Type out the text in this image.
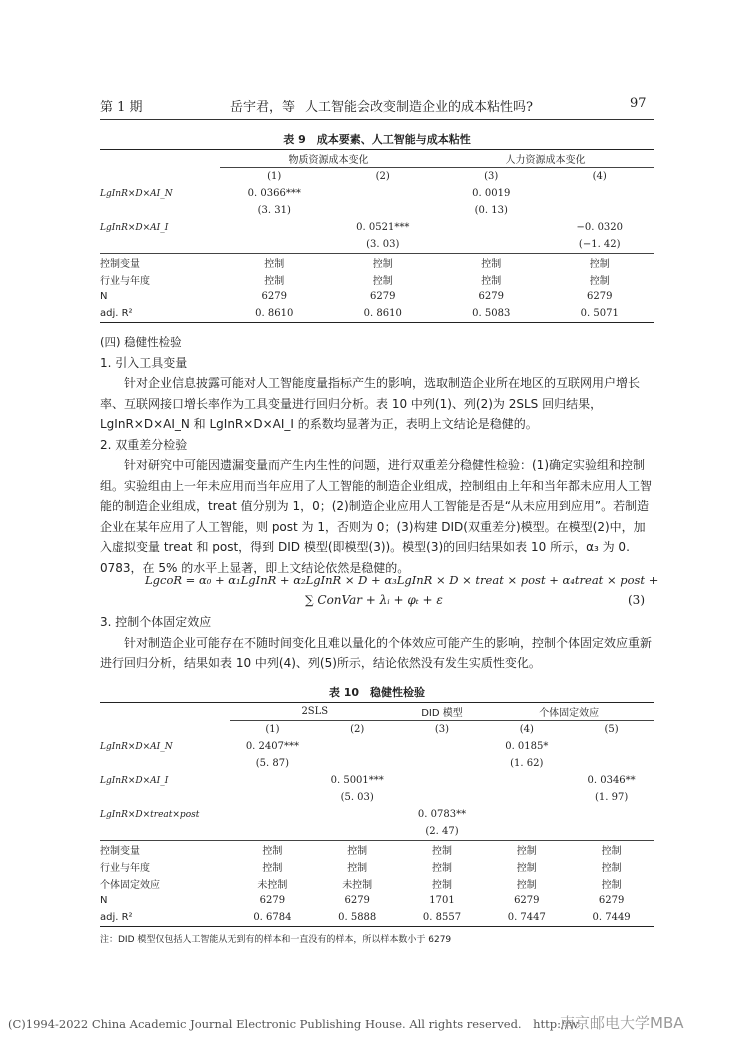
第 1 期	岳宇君，等 人工智能会改变制造企业的成本粘性吗?	97
表 9　成本要素、人工智能与成本粘性
	物质资源成本变化		人力资源成本变化	
	(1)	(2)	(3)	(4)
LgInR×D×AI_N	0. 0366***		0. 0019	
	(3. 31)		(0. 13)	
LgInR×D×AI_I		0. 0521***		−0. 0320
		(3. 03)		(−1. 42)
控制变量	控制	控制	控制	控制
行业与年度	控制	控制	控制	控制
N	6279	6279	6279	6279
adj. R²	0. 8610	0. 8610	0. 5083	0. 5071

(四) 稳健性检验

1. 引入工具变量

针对企业信息披露可能对人工智能度量指标产生的影响，选取制造企业所在地区的互联网用户增长率、互联网接口增长率作为工具变量进行回归分析。表 10 中列(1)、列(2)为 2SLS 回归结果，LgInR×D×AI_N 和 LgInR×D×AI_I 的系数均显著为正，表明上文结论是稳健的。

2. 双重差分检验

针对研究中可能因遗漏变量而产生内生性的问题，进行双重差分稳健性检验：(1)确定实验组和控制组。实验组由上一年未应用而当年应用了人工智能的制造企业组成，控制组由上年和当年都未应用人工智能的制造企业组成，treat 值分别为 1，0；(2)制造企业应用人工智能是否是“从未应用到应用”。若制造企业在某年应用了人工智能，则 post 为 1，否则为 0；(3)构建 DID(双重差分)模型。在模型(2)中，加入虚拟变量 treat 和 post，得到 DID 模型(即模型(3))。模型(3)的回归结果如表 10 所示，α₃ 为 0. 0783，在 5% 的水平上显著，即上文结论依然是稳健的。

LgcoR = α₀ + α₁LgInR + α₂LgInR × D + α₃LgInR × D × treat × post + α₄treat × post +
∑ ConVar + λᵢ + φₜ + ε	(3)

3. 控制个体固定效应

针对制造企业可能存在不随时间变化且难以量化的个体效应可能产生的影响，控制个体固定效应重新进行回归分析，结果如表 10 中列(4)、列(5)所示，结论依然没有发生实质性变化。

表 10　稳健性检验
	2SLS		DID 模型	个体固定效应	
	(1)	(2)	(3)	(4)	(5)
LgInR×D×AI_N	0. 2407***			0. 0185*	
	(5. 87)			(1. 62)	
LgInR×D×AI_I		0. 5001***			0. 0346**
		(5. 03)			(1. 97)
LgInR×D×treat×post			0. 0783**		
			(2. 47)		
控制变量	控制	控制	控制	控制	控制
行业与年度	控制	控制	控制	控制	控制
个体固定效应	未控制	未控制	控制	控制	控制
N	6279	6279	1701	6279	6279
adj. R²	0. 6784	0. 5888	0. 8557	0. 7447	0. 7449
注：DID 模型仅包括人工智能从无到有的样本和一直没有的样本，所以样本数小于 6279
(C)1994-2022 China Academic Journal Electronic Publishing House. All rights reserved.　http://w
南京邮电大学MBA
